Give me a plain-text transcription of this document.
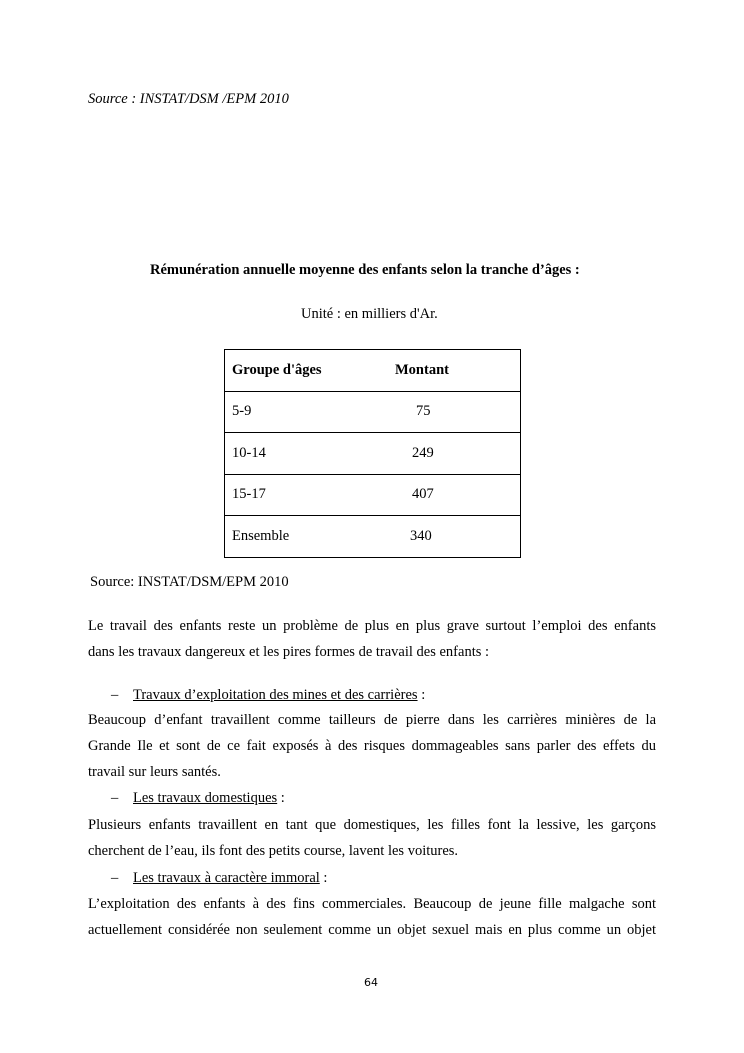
Source : INSTAT/DSM /EPM 2010
Rémunération annuelle moyenne des enfants selon la tranche d’âges :
Unité : en milliers d'Ar.
Groupe d'âges	Montant
5-9	75
10-14	249
15-17	407
Ensemble	340
Source: INSTAT/DSM/EPM 2010
Le travail des enfants reste un problème de plus en plus grave surtout l’emploi des enfants
dans les travaux dangereux et les pires formes de travail des enfants :
– Travaux d’exploitation des mines et des carrières :
Beaucoup d’enfant travaillent comme tailleurs de pierre dans les carrières minières de la
Grande Ile et sont de ce fait exposés à des risques dommageables sans parler des effets du
travail sur leurs santés.
– Les travaux domestiques :
Plusieurs enfants travaillent en tant que domestiques, les filles font la lessive, les garçons
cherchent de l’eau, ils font des petits course, lavent les voitures.
– Les travaux à caractère immoral :
L’exploitation des enfants à des fins commerciales. Beaucoup de jeune fille malgache sont
actuellement considérée non seulement comme un objet sexuel mais en plus comme un objet
64
